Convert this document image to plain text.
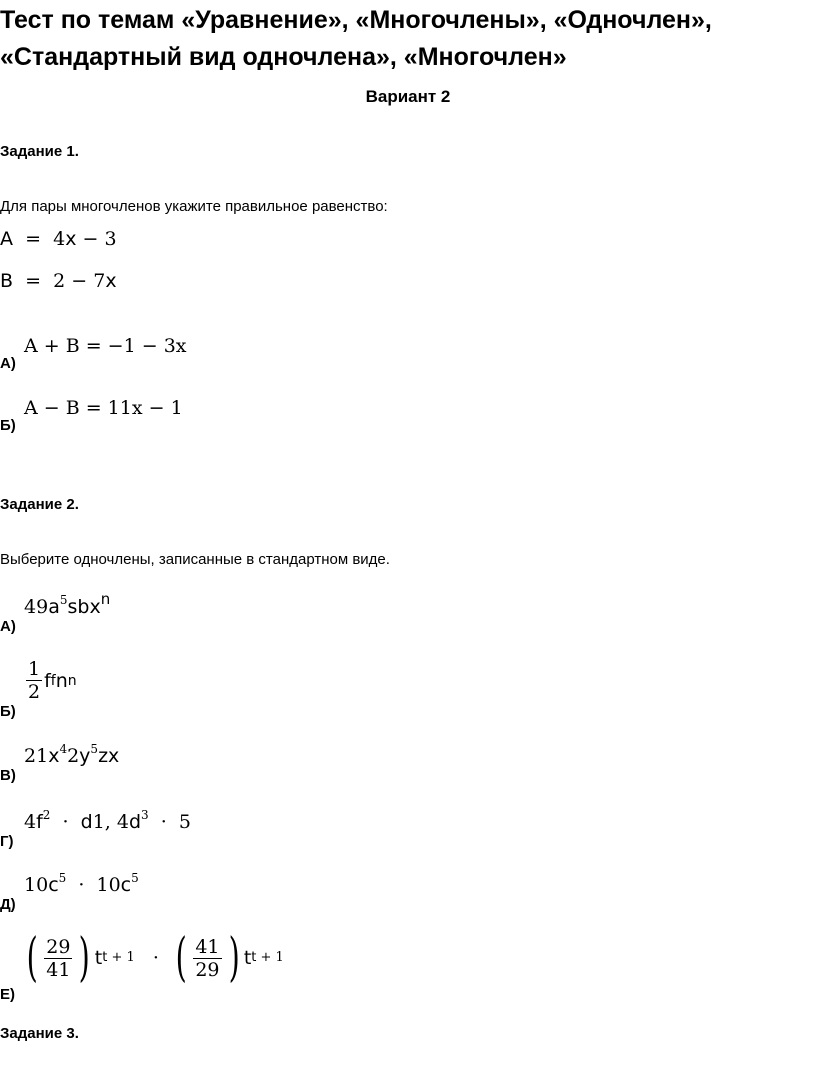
Тест по темам «Уравнение», «Многочлены», «Одночлен», «Стандартный вид одночлена», «Многочлен»
Вариант 2
Задание 1.
Для пары многочленов укажите правильное равенство:
A = 4x − 3
B = 2 − 7x
A + B = −1 − 3x
А)
A − B = 11x − 1
Б)
Задание 2.
Выберите одночлены, записанные в стандартном виде.
$49a^5sbx^n$
А)
$\frac{1}{2}$ f f n n
Б)
$21x^42y^5zx$
В)
$4f^2 \cdot d1$, $4d^3 \cdot 5$
Г)
$10c^5 \cdot 10c^5$
Д)
( $\frac{29}{41}$ ) t t + 1 · ( $\frac{41}{29}$ ) t t + 1
Е)
Задание 3.
